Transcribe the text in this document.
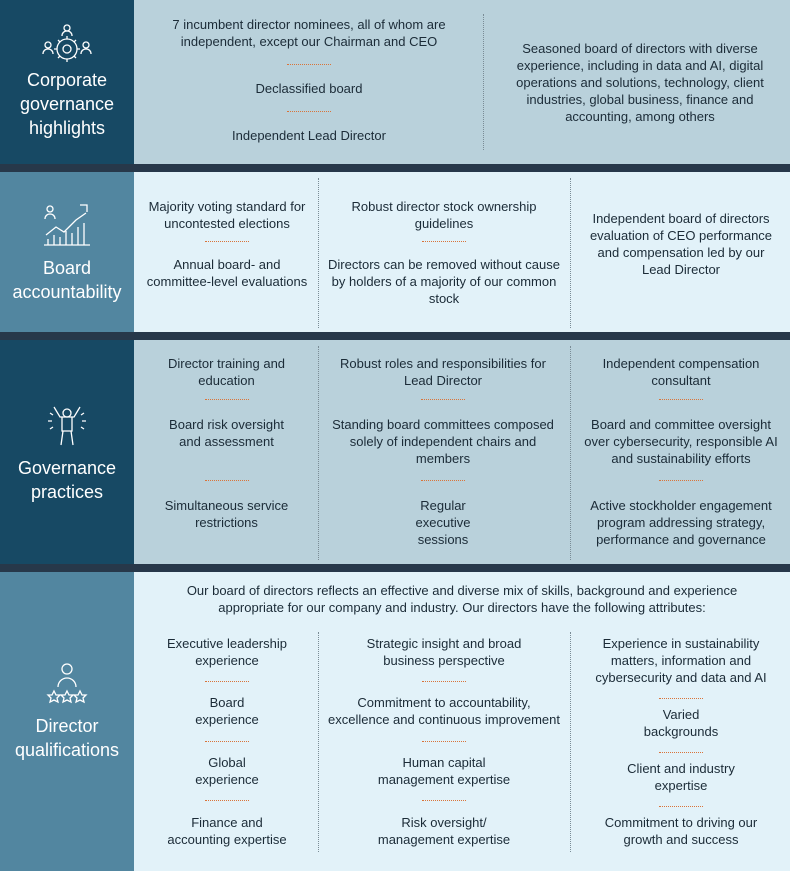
Corporate governance highlights
7 incumbent director nominees, all of whom are independent, except our Chairman and CEO
Declassified board
Independent Lead Director
Seasoned board of directors with diverse experience, including in data and AI, digital operations and solutions, technology, client industries, global business, finance and accounting, among others
Board accountability
Majority voting standard for uncontested elections
Annual board- and committee-level evaluations
Robust director stock ownership guidelines
Directors can be removed without cause by holders of a majority of our common stock
Independent board of directors evaluation of CEO performance and compensation led by our Lead Director
Governance practices
Director training and education
Board risk oversight and assessment
Simultaneous service restrictions
Robust roles and responsibilities for Lead Director
Standing board committees composed solely of independent chairs and members
Regular executive sessions
Independent compensation consultant
Board and committee oversight over cybersecurity, responsible AI and sustainability efforts
Active stockholder engagement program addressing strategy, performance and governance
Director qualifications
Our board of directors reflects an effective and diverse mix of skills, background and experience appropriate for our company and industry. Our directors have the following attributes:
Executive leadership experience
Board experience
Global experience
Finance and accounting expertise
Strategic insight and broad business perspective
Commitment to accountability, excellence and continuous improvement
Human capital management expertise
Risk oversight/ management expertise
Experience in sustainability matters, information and cybersecurity and data and AI
Varied backgrounds
Client and industry expertise
Commitment to driving our growth and success
